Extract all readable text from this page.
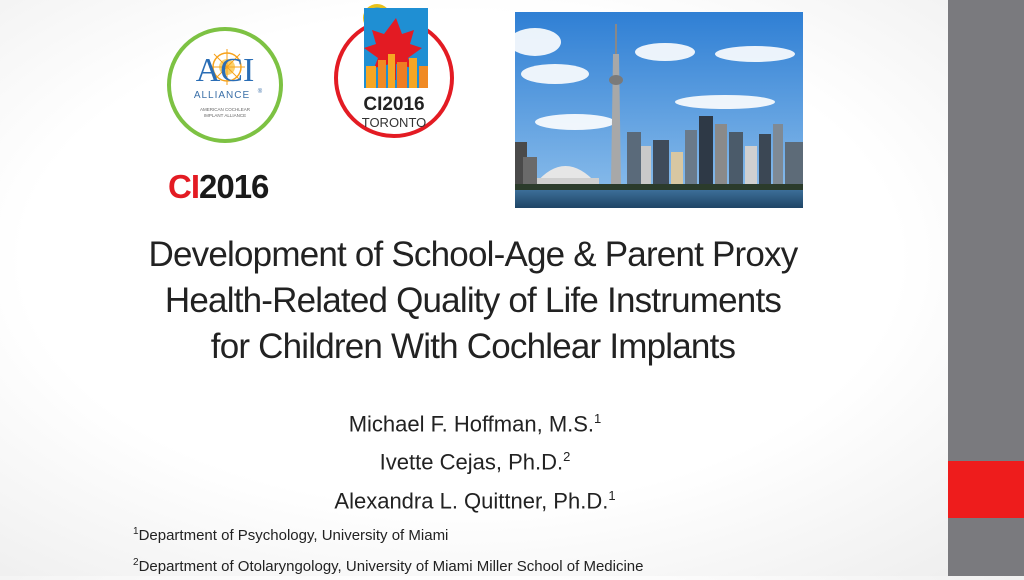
ACI
ALLIANCE ®
AMERICAN COCHLEAR
IMPLANT ALLIANCE
CI2016
CI2016
TORONTO
Development of School-Age & Parent Proxy
Health-Related Quality of Life Instruments
for Children With Cochlear Implants
Michael F. Hoffman, M.S.$^1$
Ivette Cejas, Ph.D.$^2$
Alexandra L. Quittner, Ph.D.$^1$
$^1$Department of Psychology, University of Miami
$^2$Department of Otolaryngology, University of Miami Miller School of Medicine
